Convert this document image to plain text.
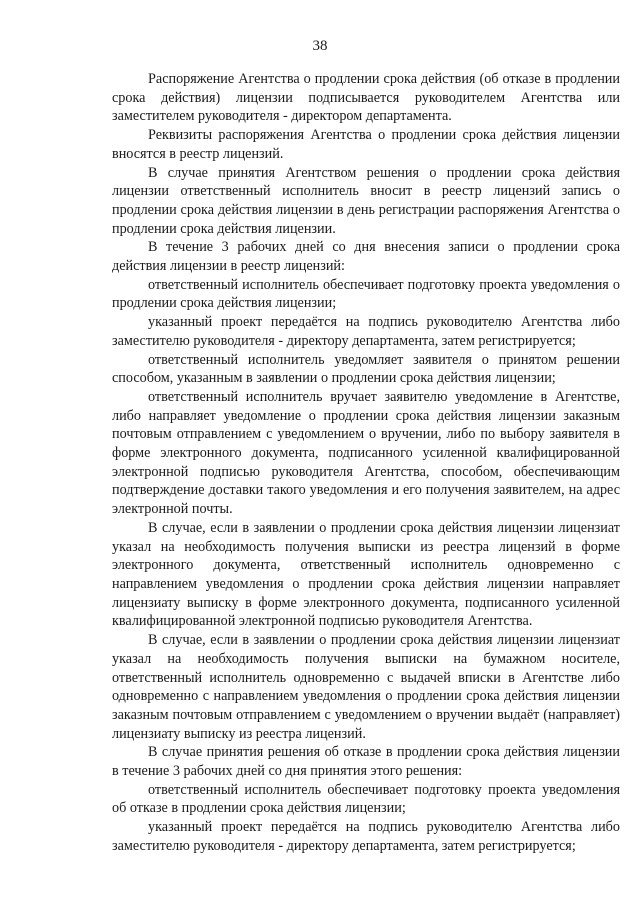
38

Распоряжение Агентства о продлении срока действия (об отказе в продлении срока действия) лицензии подписывается руководителем Агентства или заместителем руководителя - директором департамента.

Реквизиты распоряжения Агентства о продлении срока действия лицензии вносятся в реестр лицензий.

В случае принятия Агентством решения о продлении срока действия лицензии ответственный исполнитель вносит в реестр лицензий запись о продлении срока действия лицензии в день регистрации распоряжения Агентства о продлении срока действия лицензии.

В течение 3 рабочих дней со дня внесения записи о продлении срока действия лицензии в реестр лицензий:

ответственный исполнитель обеспечивает подготовку проекта уведомления о продлении срока действия лицензии;

указанный проект передаётся на подпись руководителю Агентства либо заместителю руководителя - директору департамента, затем регистрируется;

ответственный исполнитель уведомляет заявителя о принятом решении способом, указанным в заявлении о продлении срока действия лицензии;

ответственный исполнитель вручает заявителю уведомление в Агентстве, либо направляет уведомление о продлении срока действия лицензии заказным почтовым отправлением с уведомлением о вручении, либо по выбору заявителя в форме электронного документа, подписанного усиленной квалифицированной электронной подписью руководителя Агентства, способом, обеспечивающим подтверждение доставки такого уведомления и его получения заявителем, на адрес электронной почты.

В случае, если в заявлении о продлении срока действия лицензии лицензиат указал на необходимость получения выписки из реестра лицензий в форме электронного документа, ответственный исполнитель одновременно с направлением уведомления о продлении срока действия лицензии направляет лицензиату выписку в форме электронного документа, подписанного усиленной квалифицированной электронной подписью руководителя Агентства.

В случае, если в заявлении о продлении срока действия лицензии лицензиат указал на необходимость получения выписки на бумажном носителе, ответственный исполнитель одновременно с выдачей вписки в Агентстве либо одновременно с направлением уведомления о продлении срока действия лицензии заказным почтовым отправлением с уведомлением о вручении выдаёт (направляет) лицензиату выписку из реестра лицензий.

В случае принятия решения об отказе в продлении срока действия лицензии в течение 3 рабочих дней со дня принятия этого решения:

ответственный исполнитель обеспечивает подготовку проекта уведомления об отказе в продлении срока действия лицензии;

указанный проект передаётся на подпись руководителю Агентства либо заместителю руководителя - директору департамента, затем регистрируется;
